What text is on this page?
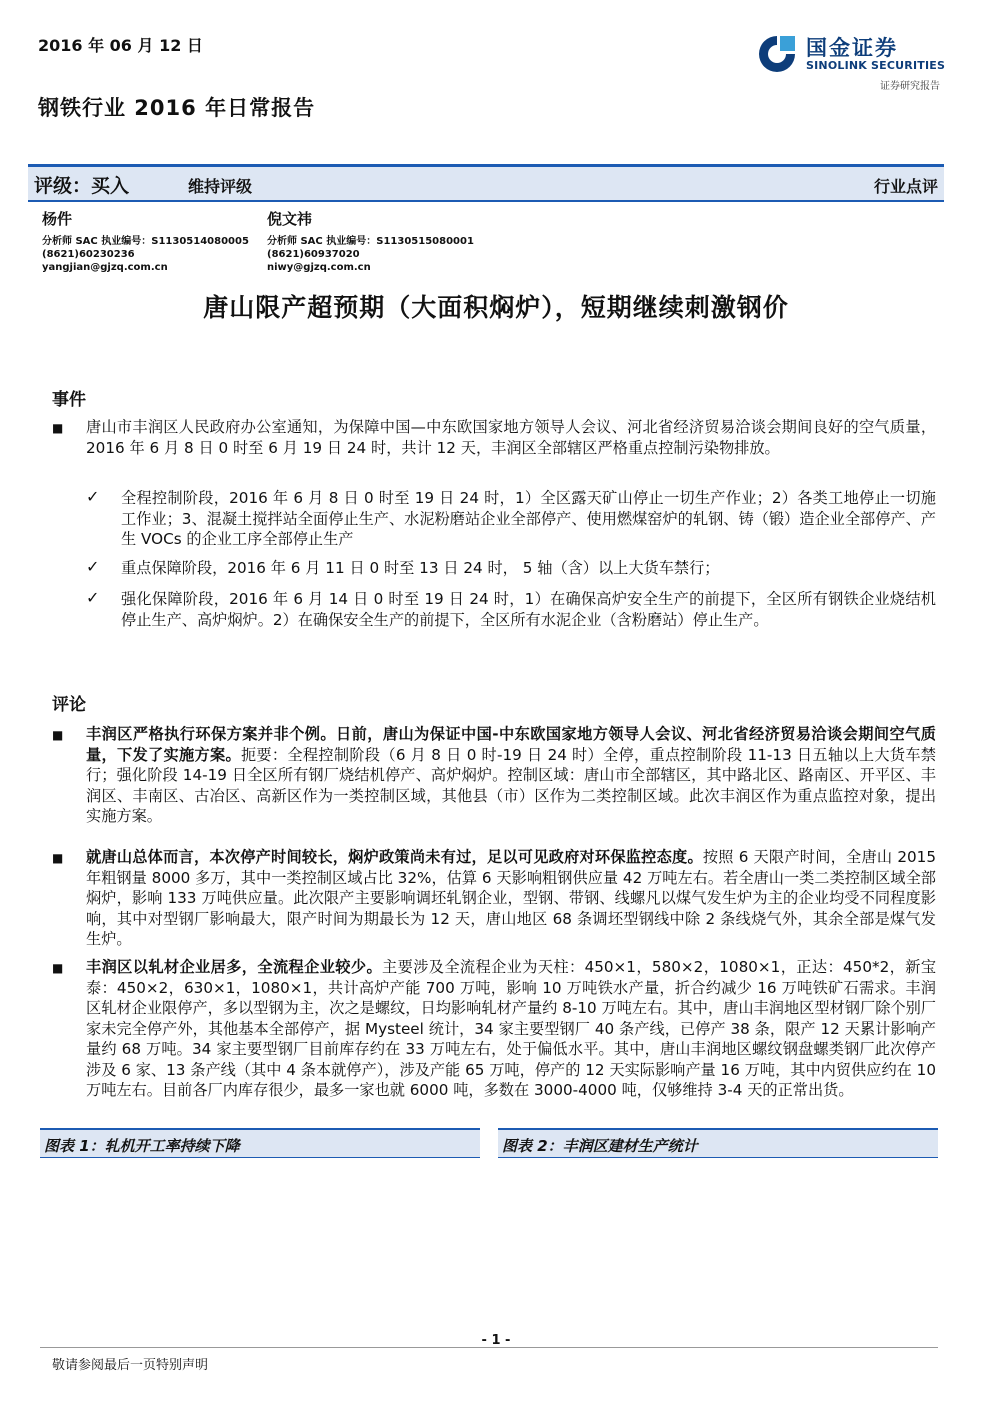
2016 年 06 月 12 日
钢铁行业 2016 年日常报告
国金证券
SINOLINK SECURITIES
证券研究报告
评级：买入	维持评级	行业点评
杨件
分析师 SAC 执业编号：S1130514080005
(8621)60230236
yangjian@gjzq.com.cn
倪文祎
分析师 SAC 执业编号：S1130515080001
(8621)60937020
niwy@gjzq.com.cn
唐山限产超预期（大面积焖炉），短期继续刺激钢价
事件
■ 唐山市丰润区人民政府办公室通知，为保障中国—中东欧国家地方领导人会议、河北省经济贸易洽谈会期间良好的空气质量，2016 年 6 月 8 日 0 时至 6 月 19 日 24 时，共计 12 天，丰润区全部辖区严格重点控制污染物排放。
✓ 全程控制阶段，2016 年 6 月 8 日 0 时至 19 日 24 时，1）全区露天矿山停止一切生产作业；2）各类工地停止一切施工作业；3、混凝土搅拌站全面停止生产、水泥粉磨站企业全部停产、使用燃煤窑炉的轧钢、铸（锻）造企业全部停产、产生 VOCs 的企业工序全部停止生产
✓ 重点保障阶段，2016 年 6 月 11 日 0 时至 13 日 24 时， 5 轴（含）以上大货车禁行；
✓ 强化保障阶段，2016 年 6 月 14 日 0 时至 19 日 24 时，1）在确保高炉安全生产的前提下，全区所有钢铁企业烧结机停止生产、高炉焖炉。2）在确保安全生产的前提下，全区所有水泥企业（含粉磨站）停止生产。
评论
■ 丰润区严格执行环保方案并非个例。日前，唐山为保证中国-中东欧国家地方领导人会议、河北省经济贸易洽谈会期间空气质量，下发了实施方案。扼要：全程控制阶段（6 月 8 日 0 时-19 日 24 时）全停，重点控制阶段 11-13 日五轴以上大货车禁行；强化阶段 14-19 日全区所有钢厂烧结机停产、高炉焖炉。控制区域：唐山市全部辖区，其中路北区、路南区、开平区、丰润区、丰南区、古冶区、高新区作为一类控制区域，其他县（市）区作为二类控制区域。此次丰润区作为重点监控对象，提出实施方案。
■ 就唐山总体而言，本次停产时间较长，焖炉政策尚未有过，足以可见政府对环保监控态度。按照 6 天限产时间，全唐山 2015 年粗钢量 8000 多万，其中一类控制区域占比 32%，估算 6 天影响粗钢供应量 42 万吨左右。若全唐山一类二类控制区域全部焖炉，影响 133 万吨供应量。此次限产主要影响调坯轧钢企业，型钢、带钢、线螺凡以煤气发生炉为主的企业均受不同程度影响，其中对型钢厂影响最大，限产时间为期最长为 12 天，唐山地区 68 条调坯型钢线中除 2 条线烧气外，其余全部是煤气发生炉。
■ 丰润区以轧材企业居多，全流程企业较少。主要涉及全流程企业为天柱：450×1，580×2，1080×1，正达：450*2，新宝泰：450×2，630×1，1080×1，共计高炉产能 700 万吨，影响 10 万吨铁水产量，折合约减少 16 万吨铁矿石需求。丰润区轧材企业限停产，多以型钢为主，次之是螺纹，日均影响轧材产量约 8-10 万吨左右。其中，唐山丰润地区型材钢厂除个别厂家未完全停产外，其他基本全部停产，据 Mysteel 统计，34 家主要型钢厂 40 条产线，已停产 38 条，限产 12 天累计影响产量约 68 万吨。34 家主要型钢厂目前库存约在 33 万吨左右，处于偏低水平。其中，唐山丰润地区螺纹钢盘螺类钢厂此次停产涉及 6 家、13 条产线（其中 4 条本就停产），涉及产能 65 万吨，停产的 12 天实际影响产量 16 万吨，其中内贸供应约在 10 万吨左右。目前各厂内库存很少，最多一家也就 6000 吨，多数在 3000-4000 吨，仅够维持 3-4 天的正常出货。
图表 1：轧机开工率持续下降	图表 2：丰润区建材生产统计
- 1 -
敬请参阅最后一页特别声明
